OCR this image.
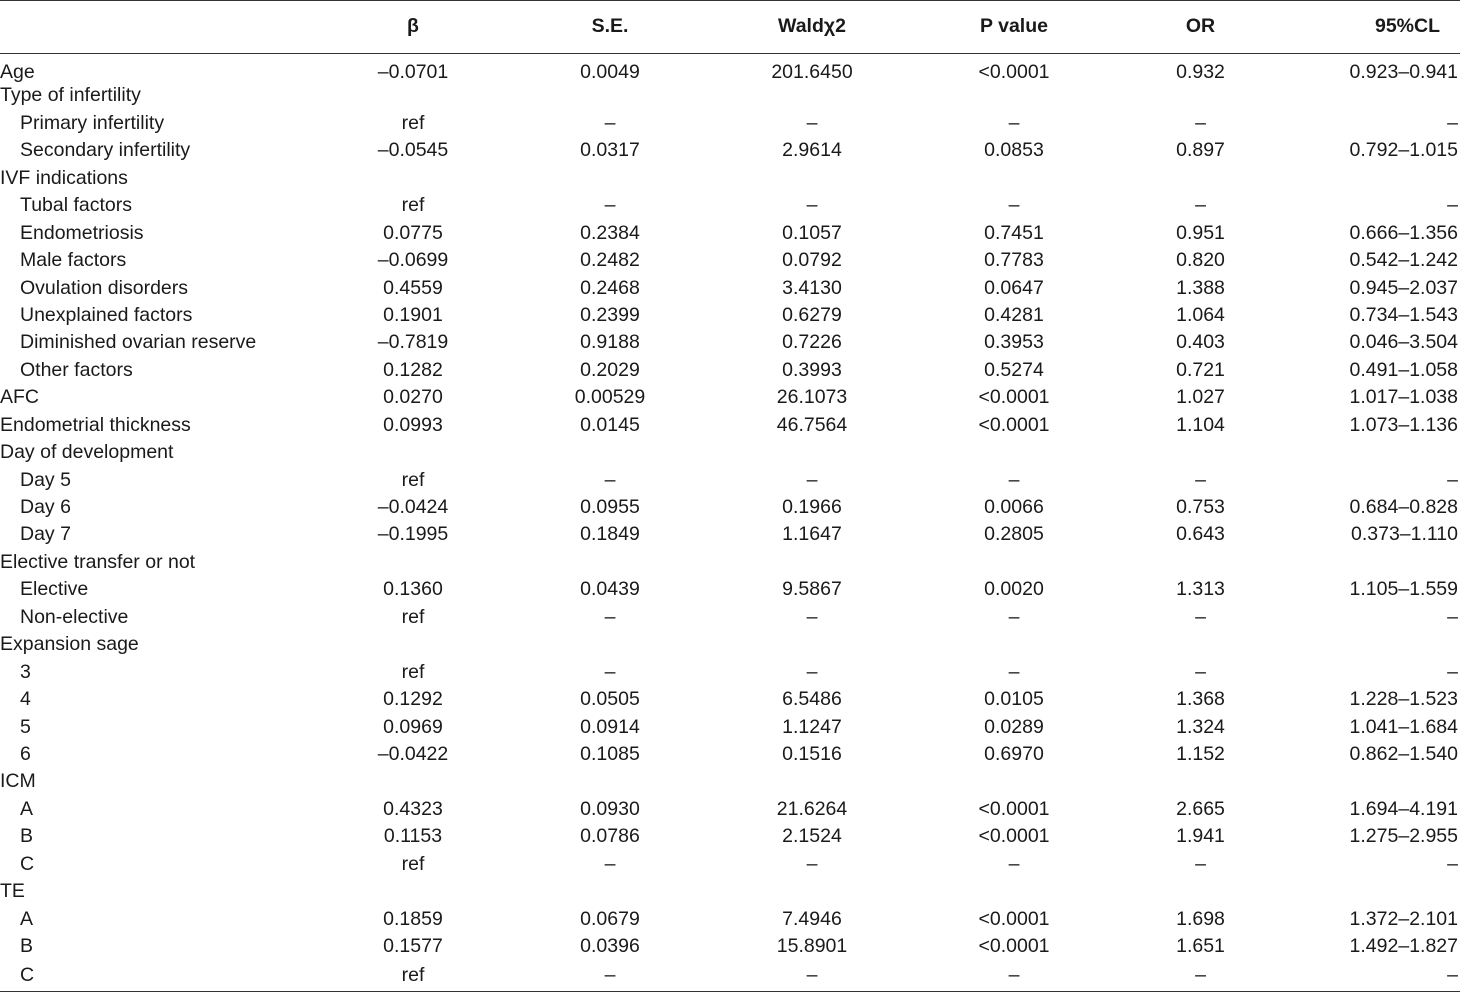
	β	S.E.	Waldχ2	P value	OR	95%CL
Age	–0.0701	0.0049	201.6450	<0.0001	0.932	0.923–0.941
Type of infertility						
Primary infertility	ref	–	–	–	–	–
Secondary infertility	–0.0545	0.0317	2.9614	0.0853	0.897	0.792–1.015
IVF indications						
Tubal factors	ref	–	–	–	–	–
Endometriosis	0.0775	0.2384	0.1057	0.7451	0.951	0.666–1.356
Male factors	–0.0699	0.2482	0.0792	0.7783	0.820	0.542–1.242
Ovulation disorders	0.4559	0.2468	3.4130	0.0647	1.388	0.945–2.037
Unexplained factors	0.1901	0.2399	0.6279	0.4281	1.064	0.734–1.543
Diminished ovarian reserve	–0.7819	0.9188	0.7226	0.3953	0.403	0.046–3.504
Other factors	0.1282	0.2029	0.3993	0.5274	0.721	0.491–1.058
AFC	0.0270	0.00529	26.1073	<0.0001	1.027	1.017–1.038
Endometrial thickness	0.0993	0.0145	46.7564	<0.0001	1.104	1.073–1.136
Day of development						
Day 5	ref	–	–	–	–	–
Day 6	–0.0424	0.0955	0.1966	0.0066	0.753	0.684–0.828
Day 7	–0.1995	0.1849	1.1647	0.2805	0.643	0.373–1.110
Elective transfer or not						
Elective	0.1360	0.0439	9.5867	0.0020	1.313	1.105–1.559
Non-elective	ref	–	–	–	–	–
Expansion sage						
3	ref	–	–	–	–	–
4	0.1292	0.0505	6.5486	0.0105	1.368	1.228–1.523
5	0.0969	0.0914	1.1247	0.0289	1.324	1.041–1.684
6	–0.0422	0.1085	0.1516	0.6970	1.152	0.862–1.540
ICM						
A	0.4323	0.0930	21.6264	<0.0001	2.665	1.694–4.191
B	0.1153	0.0786	2.1524	<0.0001	1.941	1.275–2.955
C	ref	–	–	–	–	–
TE						
A	0.1859	0.0679	7.4946	<0.0001	1.698	1.372–2.101
B	0.1577	0.0396	15.8901	<0.0001	1.651	1.492–1.827
C	ref	–	–	–	–	–
